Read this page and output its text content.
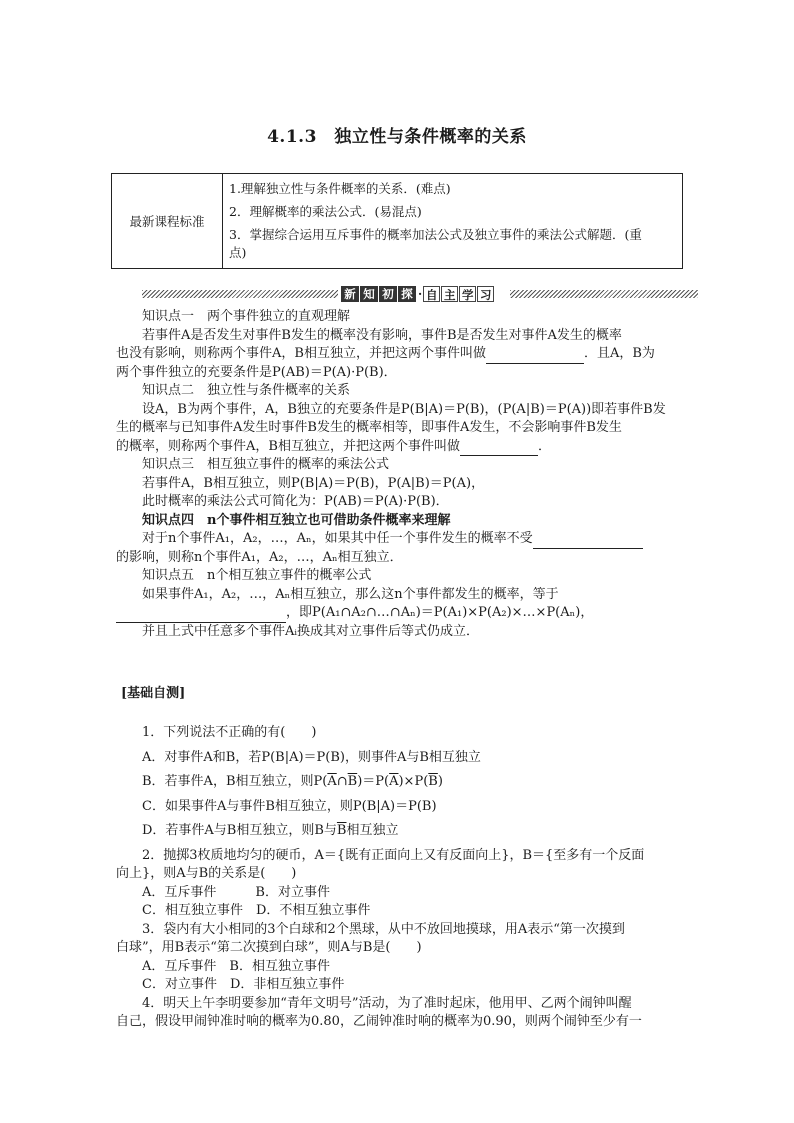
4.1.3　独立性与条件概率的关系
最新课程标准
1.理解独立性与条件概率的关系．(难点)
2．理解概率的乘法公式．(易混点)
3．掌握综合运用互斥事件的概率加法公式及独立事件的乘法公式解题．(重
点)
新 知 初 探 · 自 主 学 习

知识点一　两个事件独立的直观理解

若事件A是否发生对事件B发生的概率没有影响，事件B是否发生对事件A发生的概率

也没有影响，则称两个事件A，B相互独立，并把这两个事件叫做	．且A，B为

两个事件独立的充要条件是P(AB)＝P(A)·P(B)．

知识点二　独立性与条件概率的关系

设A，B为两个事件，A，B独立的充要条件是P(B|A)＝P(B)，(P(A|B)＝P(A))即若事件B发

生的概率与已知事件A发生时事件B发生的概率相等，即事件A发生，不会影响事件B发生

的概率，则称两个事件A，B相互独立，并把这两个事件叫做	．

知识点三　相互独立事件的概率的乘法公式

若事件A，B相互独立，则P(B|A)＝P(B)，P(A|B)＝P(A)，

此时概率的乘法公式可简化为：P(AB)＝P(A)·P(B)．

知识点四　n个事件相互独立也可借助条件概率来理解

对于n个事件A₁，A₂，…，Aₙ，如果其中任一个事件发生的概率不受

的影响，则称n个事件A₁，A₂，…，Aₙ相互独立．

知识点五　n个相互独立事件的概率公式

如果事件A₁，A₂，…，Aₙ相互独立，那么这n个事件都发生的概率，等于

，即P(A₁∩A₂∩…∩Aₙ)＝P(A₁)×P(A₂)×…×P(Aₙ)，

并且上式中任意多个事件Aᵢ换成其对立事件后等式仍成立．

[基础自测]

1．下列说法不正确的有(　　)

A．对事件A和B，若P(B|A)＝P(B)，则事件A与B相互独立

B．若事件A，B相互独立，则$P(\overline{A}\cap\overline{B})=P(\overline{A})\times P(\overline{B})$

C．如果事件A与事件B相互独立，则P(B|A)＝P(B)

D．若事件A与B相互独立，则B与$\overline{B}$相互独立

2．抛掷3枚质地均匀的硬币，A＝{既有正面向上又有反面向上}，B＝{至多有一个反面

向上}，则A与B的关系是(　　)

A．互斥事件　　　B．对立事件

C．相互独立事件　D．不相互独立事件

3．袋内有大小相同的3个白球和2个黑球，从中不放回地摸球，用A表示“第一次摸到

白球”，用B表示“第二次摸到白球”，则A与B是(　　)

A．互斥事件　B．相互独立事件

C．对立事件　D．非相互独立事件

4．明天上午李明要参加“青年文明号”活动，为了准时起床，他用甲、乙两个闹钟叫醒

自己，假设甲闹钟准时响的概率为0.80，乙闹钟准时响的概率为0.90，则两个闹钟至少有一
